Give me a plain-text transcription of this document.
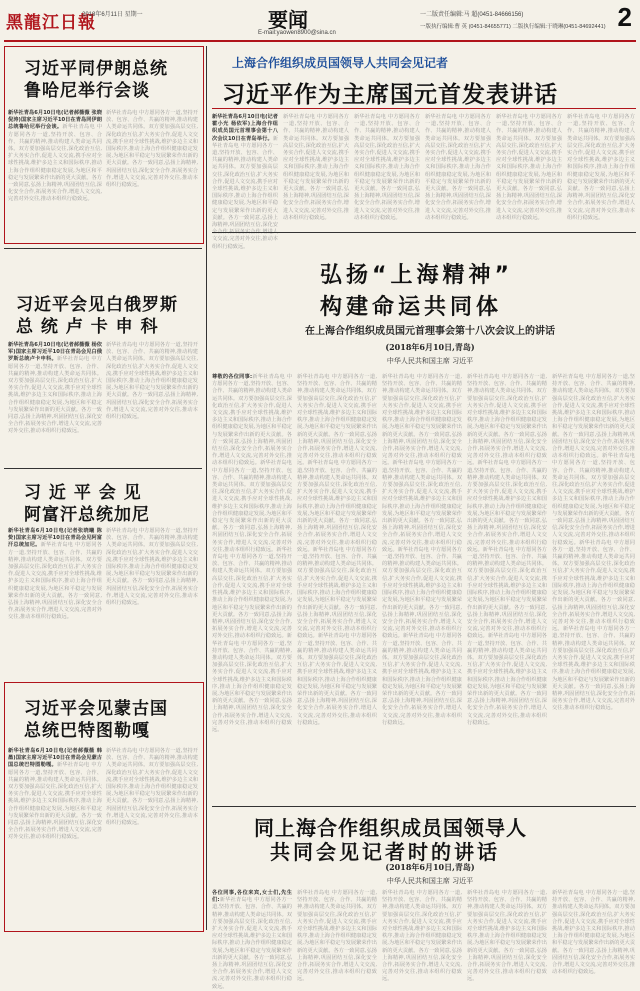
黑龍江日報
2018年6月11日 星期一	要闻
E-mail:yaowen8900@sina.cn
一二版责任编辑:马 超(0451-84666156)
一版执行编辑:曹 英 (0451-84655771) 二版执行编辑:于晓琳(0451-84692441) 2
习近平同伊朗总统
鲁哈尼举行会谈
新华社青岛6月10日电(记者郝薇薇 张晓 倪涛)国家主席习近平10日在青岛同伊朗总统鲁哈尼举行会谈。新华社青岛电 中方愿同各方一道,坚持开放、包容、合作、共赢的精神,推动构建人类命运共同体。双方要加强高层交往,深化政治互信,扩大务实合作,促进人文交流,携手应对全球性挑战,维护多边主义和国际秩序,推动上海合作组织健康稳定发展,为地区和平稳定与发展繁荣作出新的更大贡献。各方一致同意,弘扬上海精神,巩固团结互信,深化安全合作,拓展务实合作,增进人文交流,完善对外交往,推动本组织行稳致远。
新华社青岛电 中方愿同各方一道,坚持开放、包容、合作、共赢的精神,推动构建人类命运共同体。双方要加强高层交往,深化政治互信,扩大务实合作,促进人文交流,携手应对全球性挑战,维护多边主义和国际秩序,推动上海合作组织健康稳定发展,为地区和平稳定与发展繁荣作出新的更大贡献。各方一致同意,弘扬上海精神,巩固团结互信,深化安全合作,拓展务实合作,增进人文交流,完善对外交往,推动本组织行稳致远。
习近平会见白俄罗斯
总 统 卢 卡 申 科
新华社青岛6月10日电(记者郝薇薇 杨依军)国家主席习近平10日在青岛会见白俄罗斯总统卢卡申科。新华社青岛电 中方愿同各方一道,坚持开放、包容、合作、共赢的精神,推动构建人类命运共同体。双方要加强高层交往,深化政治互信,扩大务实合作,促进人文交流,携手应对全球性挑战,维护多边主义和国际秩序,推动上海合作组织健康稳定发展,为地区和平稳定与发展繁荣作出新的更大贡献。各方一致同意,弘扬上海精神,巩固团结互信,深化安全合作,拓展务实合作,增进人文交流,完善对外交往,推动本组织行稳致远。
新华社青岛电 中方愿同各方一道,坚持开放、包容、合作、共赢的精神,推动构建人类命运共同体。双方要加强高层交往,深化政治互信,扩大务实合作,促进人文交流,携手应对全球性挑战,维护多边主义和国际秩序,推动上海合作组织健康稳定发展,为地区和平稳定与发展繁荣作出新的更大贡献。各方一致同意,弘扬上海精神,巩固团结互信,深化安全合作,拓展务实合作,增进人文交流,完善对外交往,推动本组织行稳致远。
习 近 平 会 见
阿富汗总统加尼
新华社青岛6月10日电(记者张晓曦 陈贽)国家主席习近平10日在青岛会见阿富汗总统加尼。新华社青岛电 中方愿同各方一道,坚持开放、包容、合作、共赢的精神,推动构建人类命运共同体。双方要加强高层交往,深化政治互信,扩大务实合作,促进人文交流,携手应对全球性挑战,维护多边主义和国际秩序,推动上海合作组织健康稳定发展,为地区和平稳定与发展繁荣作出新的更大贡献。各方一致同意,弘扬上海精神,巩固团结互信,深化安全合作,拓展务实合作,增进人文交流,完善对外交往,推动本组织行稳致远。
新华社青岛电 中方愿同各方一道,坚持开放、包容、合作、共赢的精神,推动构建人类命运共同体。双方要加强高层交往,深化政治互信,扩大务实合作,促进人文交流,携手应对全球性挑战,维护多边主义和国际秩序,推动上海合作组织健康稳定发展,为地区和平稳定与发展繁荣作出新的更大贡献。各方一致同意,弘扬上海精神,巩固团结互信,深化安全合作,拓展务实合作,增进人文交流,完善对外交往,推动本组织行稳致远。
习近平会见蒙古国
总统巴特图勒嘎
新华社青岛6月10日电(记者郝薇薇 韩墨)国家主席习近平10日在青岛会见蒙古国总统巴特图勒嘎。新华社青岛电 中方愿同各方一道,坚持开放、包容、合作、共赢的精神,推动构建人类命运共同体。双方要加强高层交往,深化政治互信,扩大务实合作,促进人文交流,携手应对全球性挑战,维护多边主义和国际秩序,推动上海合作组织健康稳定发展,为地区和平稳定与发展繁荣作出新的更大贡献。各方一致同意,弘扬上海精神,巩固团结互信,深化安全合作,拓展务实合作,增进人文交流,完善对外交往,推动本组织行稳致远。
新华社青岛电 中方愿同各方一道,坚持开放、包容、合作、共赢的精神,推动构建人类命运共同体。双方要加强高层交往,深化政治互信,扩大务实合作,促进人文交流,携手应对全球性挑战,维护多边主义和国际秩序,推动上海合作组织健康稳定发展,为地区和平稳定与发展繁荣作出新的更大贡献。各方一致同意,弘扬上海精神,巩固团结互信,深化安全合作,拓展务实合作,增进人文交流,完善对外交往,推动本组织行稳致远。
上海合作组织成员国领导人共同会见记者
习近平作为主席国元首发表讲话
新华社青岛6月10日电(记者霍小光 杨依军)上海合作组织成员国元首理事会第十八次会议10日在青岛举行。新华社青岛电 中方愿同各方一道,坚持开放、包容、合作、共赢的精神,推动构建人类命运共同体。双方要加强高层交往,深化政治互信,扩大务实合作,促进人文交流,携手应对全球性挑战,维护多边主义和国际秩序,推动上海合作组织健康稳定发展,为地区和平稳定与发展繁荣作出新的更大贡献。各方一致同意,弘扬上海精神,巩固团结互信,深化安 文交流,完善对外交往,推动本组织行稳致远。
新华社青岛电 中方愿同各方一道,坚持开放、包容、合作、共赢的精神,推动构建人类命运共同体。双方要加强高层交往,深化政治互信,扩大务实合作,促进人文交流,携手应对全球性挑战,维护多边主义和国际秩序,推动上海合作组织健康稳定发展,为地区和平稳定与发展繁荣作出新的更大贡献。各方一致同意,弘扬上海精神,巩固团结互信,深化安全合作,拓展务实合作,增进人文交流,完善对外交往,推动本组织行稳致远。
新华社青岛电 中方愿同各方一道,坚持开放、包容、合作、共赢的精神,推动构建人类命运共同体。双方要加强高层交往,深化政治互信,扩大务实合作,促进人文交流,携手应对全球性挑战,维护多边主义和国际秩序,推动上海合作组织健康稳定发展,为地区和平稳定与发展繁荣作出新的更大贡献。各方一致同意,弘扬上海精神,巩固团结互信,深化安全合作,拓展务实合作,增进人文交流,完善对外交往,推动本组织行稳致远。
新华社青岛电 中方愿同各方一道,坚持开放、包容、合作、共赢的精神,推动构建人类命运共同体。双方要加强高层交往,深化政治互信,扩大务实合作,促进人文交流,携手应对全球性挑战,维护多边主义和国际秩序,推动上海合作组织健康稳定发展,为地区和平稳定与发展繁荣作出新的更大贡献。各方一致同意,弘扬上海精神,巩固团结互信,深化安全合作,拓展务实合作,增进人文交流,完善对外交往,推动本组织行稳致远。
新华社青岛电 中方愿同各方一道,坚持开放、包容、合作、共赢的精神,推动构建人类命运共同体。双方要加强高层交往,深化政治互信,扩大务实合作,促进人文交流,携手应对全球性挑战,维护多边主义和国际秩序,推动上海合作组织健康稳定发展,为地区和平稳定与发展繁荣作出新的更大贡献。各方一致同意,弘扬上海精神,巩固团结互信,深化安全合作,拓展务实合作,增进人文交流,完善对外交往,推动本组织行稳致远。
新华社青岛电 中方愿同各方一道,坚持开放、包容、合作、共赢的精神,推动构建人类命运共同体。双方要加强高层交往,深化政治互信,扩大务实合作,促进人文交流,携手应对全球性挑战,维护多边主义和国际秩序,推动上海合作组织健康稳定发展,为地区和平稳定与发展繁荣作出新的更大贡献。各方一致同意,弘扬上海精神,巩固团结互信,深化安全合作,拓展务实合作,增进人文交流,完善对外交往,推动本组织行稳致远。
弘扬“上海精神”
构建命运共同体
在上海合作组织成员国元首理事会第十八次会议上的讲话
(2018年6月10日,青岛)
中华人民共和国主席 习近平
尊敬的各位同事:新华社青岛电 中方愿同各方一道,坚持开放、包容、合作、共赢的精神,推动构建人类命运共同体。双方要加强高层交往,深化政治互信,扩大务实合作,促进人文交流,携手应对全球性挑战,维护多边主义和国际秩序,推动上海合作组织健康稳定发展,为地区和平稳定与发展繁荣作出新的更大贡献。各方一致同意,弘扬上海精神,巩固团结互信,深化安全合作,拓展务实合作,增进人文交流,完善对外交往,推动本组织行稳致远。新华社青岛电 中方愿同各方一道,坚持开放、包容、合作、共赢的精神,推动构建人类命运共同体。双方要加强高层交往,深化政治互信,扩大务实合作,促进人文交流,携手应对全球性挑战,维护多边主义和国际秩序,推动上海合作组织健康稳定发展,为地区和平稳定与发展繁荣作出新的更大贡献。各方一致同意,弘扬上海精神,巩固团结互信,深化安全合作,拓展务实合作,增进人文交流,完善对外交往,推动本组织行稳致远。新华社青岛电 中方愿同各方一道,坚持开放、包容、合作、共赢的精神,推动构建人类命运共同体。双方要加强高层交往,深化政治互信,扩大务实合作,促进人文交流,携手应对全球性挑战,维护多边主义和国际秩序,推动上海合作组织健康稳定发展,为地区和平稳定与发展繁荣作出新的更大贡献。各方一致同意,弘扬上海精神,巩固团结互信,深化安全合作,拓展务实合作,增进人文交流,完善对外交往,推动本组织行稳致远。新华社青岛电 中方愿同各方一道,坚持开放、包容、合作、共赢的精神,推动构建人类命运共同体。双方要加强高层交往,深化政治互信,扩大务实合作,促进人文交流,携手应对全球性挑战,维护多边主义和国际秩序,推动上海合作组织健康稳定发展,为地区和平稳定与发展繁荣作出新的更大贡献。各方一致同意,弘扬上海精神,巩固团结互信,深化安全合作,拓展务实合作,增进人文交流,完善对外交往,推动本组织行稳致远。
新华社青岛电 中方愿同各方一道,坚持开放、包容、合作、共赢的精神,推动构建人类命运共同体。双方要加强高层交往,深化政治互信,扩大务实合作,促进人文交流,携手应对全球性挑战,维护多边主义和国际秩序,推动上海合作组织健康稳定发展,为地区和平稳定与发展繁荣作出新的更大贡献。各方一致同意,弘扬上海精神,巩固团结互信,深化安全合作,拓展务实合作,增进人文交流,完善对外交往,推动本组织行稳致远。新华社青岛电 中方愿同各方一道,坚持开放、包容、合作、共赢的精神,推动构建人类命运共同体。双方要加强高层交往,深化政治互信,扩大务实合作,促进人文交流,携手应对全球性挑战,维护多边主义和国际秩序,推动上海合作组织健康稳定发展,为地区和平稳定与发展繁荣作出新的更大贡献。各方一致同意,弘扬上海精神,巩固团结互信,深化安全合作,拓展务实合作,增进人文交流,完善对外交往,推动本组织行稳致远。新华社青岛电 中方愿同各方一道,坚持开放、包容、合作、共赢的精神,推动构建人类命运共同体。双方要加强高层交往,深化政治互信,扩大务实合作,促进人文交流,携手应对全球性挑战,维护多边主义和国际秩序,推动上海合作组织健康稳定发展,为地区和平稳定与发展繁荣作出新的更大贡献。各方一致同意,弘扬上海精神,巩固团结互信,深化安全合作,拓展务实合作,增进人文交流,完善对外交往,推动本组织行稳致远。新华社青岛电 中方愿同各方一道,坚持开放、包容、合作、共赢的精神,推动构建人类命运共同体。双方要加强高层交往,深化政治互信,扩大务实合作,促进人文交流,携手应对全球性挑战,维护多边主义和国际秩序,推动上海合作组织健康稳定发展,为地区和平稳定与发展繁荣作出新的更大贡献。各方一致同意,弘扬上海精神,巩固团结互信,深化安全合作,拓展务实合作,增进人文交流,完善对外交往,推动本组织行稳致远。
新华社青岛电 中方愿同各方一道,坚持开放、包容、合作、共赢的精神,推动构建人类命运共同体。双方要加强高层交往,深化政治互信,扩大务实合作,促进人文交流,携手应对全球性挑战,维护多边主义和国际秩序,推动上海合作组织健康稳定发展,为地区和平稳定与发展繁荣作出新的更大贡献。各方一致同意,弘扬上海精神,巩固团结互信,深化安全合作,拓展务实合作,增进人文交流,完善对外交往,推动本组织行稳致远。新华社青岛电 中方愿同各方一道,坚持开放、包容、合作、共赢的精神,推动构建人类命运共同体。双方要加强高层交往,深化政治互信,扩大务实合作,促进人文交流,携手应对全球性挑战,维护多边主义和国际秩序,推动上海合作组织健康稳定发展,为地区和平稳定与发展繁荣作出新的更大贡献。各方一致同意,弘扬上海精神,巩固团结互信,深化安全合作,拓展务实合作,增进人文交流,完善对外交往,推动本组织行稳致远。新华社青岛电 中方愿同各方一道,坚持开放、包容、合作、共赢的精神,推动构建人类命运共同体。双方要加强高层交往,深化政治互信,扩大务实合作,促进人文交流,携手应对全球性挑战,维护多边主义和国际秩序,推动上海合作组织健康稳定发展,为地区和平稳定与发展繁荣作出新的更大贡献。各方一致同意,弘扬上海精神,巩固团结互信,深化安全合作,拓展务实合作,增进人文交流,完善对外交往,推动本组织行稳致远。新华社青岛电 中方愿同各方一道,坚持开放、包容、合作、共赢的精神,推动构建人类命运共同体。双方要加强高层交往,深化政治互信,扩大务实合作,促进人文交流,携手应对全球性挑战,维护多边主义和国际秩序,推动上海合作组织健康稳定发展,为地区和平稳定与发展繁荣作出新的更大贡献。各方一致同意,弘扬上海精神,巩固团结互信,深化安全合作,拓展务实合作,增进人文交流,完善对外交往,推动本组织行稳致远。
新华社青岛电 中方愿同各方一道,坚持开放、包容、合作、共赢的精神,推动构建人类命运共同体。双方要加强高层交往,深化政治互信,扩大务实合作,促进人文交流,携手应对全球性挑战,维护多边主义和国际秩序,推动上海合作组织健康稳定发展,为地区和平稳定与发展繁荣作出新的更大贡献。各方一致同意,弘扬上海精神,巩固团结互信,深化安全合作,拓展务实合作,增进人文交流,完善对外交往,推动本组织行稳致远。新华社青岛电 中方愿同各方一道,坚持开放、包容、合作、共赢的精神,推动构建人类命运共同体。双方要加强高层交往,深化政治互信,扩大务实合作,促进人文交流,携手应对全球性挑战,维护多边主义和国际秩序,推动上海合作组织健康稳定发展,为地区和平稳定与发展繁荣作出新的更大贡献。各方一致同意,弘扬上海精神,巩固团结互信,深化安全合作,拓展务实合作,增进人文交流,完善对外交往,推动本组织行稳致远。新华社青岛电 中方愿同各方一道,坚持开放、包容、合作、共赢的精神,推动构建人类命运共同体。双方要加强高层交往,深化政治互信,扩大务实合作,促进人文交流,携手应对全球性挑战,维护多边主义和国际秩序,推动上海合作组织健康稳定发展,为地区和平稳定与发展繁荣作出新的更大贡献。各方一致同意,弘扬上海精神,巩固团结互信,深化安全合作,拓展务实合作,增进人文交流,完善对外交往,推动本组织行稳致远。新华社青岛电 中方愿同各方一道,坚持开放、包容、合作、共赢的精神,推动构建人类命运共同体。双方要加强高层交往,深化政治互信,扩大务实合作,促进人文交流,携手应对全球性挑战,维护多边主义和国际秩序,推动上海合作组织健康稳定发展,为地区和平稳定与发展繁荣作出新的更大贡献。各方一致同意,弘扬上海精神,巩固团结互信,深化安全合作,拓展务实合作,增进人文交流,完善对外交往,推动本组织行稳致远。
新华社青岛电 中方愿同各方一道,坚持开放、包容、合作、共赢的精神,推动构建人类命运共同体。双方要加强高层交往,深化政治互信,扩大务实合作,促进人文交流,携手应对全球性挑战,维护多边主义和国际秩序,推动上海合作组织健康稳定发展,为地区和平稳定与发展繁荣作出新的更大贡献。各方一致同意,弘扬上海精神,巩固团结互信,深化安全合作,拓展务实合作,增进人文交流,完善对外交往,推动本组织行稳致远。新华社青岛电 中方愿同各方一道,坚持开放、包容、合作、共赢的精神,推动构建人类命运共同体。双方要加强高层交往,深化政治互信,扩大务实合作,促进人文交流,携手应对全球性挑战,维护多边主义和国际秩序,推动上海合作组织健康稳定发展,为地区和平稳定与发展繁荣作出新的更大贡献。各方一致同意,弘扬上海精神,巩固团结互信,深化安全合作,拓展务实合作,增进人文交流,完善对外交往,推动本组织行稳致远。新华社青岛电 中方愿同各方一道,坚持开放、包容、合作、共赢的精神,推动构建人类命运共同体。双方要加强高层交往,深化政治互信,扩大务实合作,促进人文交流,携手应对全球性挑战,维护多边主义和国际秩序,推动上海合作组织健康稳定发展,为地区和平稳定与发展繁荣作出新的更大贡献。各方一致同意,弘扬上海精神,巩固团结互信,深化安全合作,拓展务实合作,增进人文交流,完善对外交往,推动本组织行稳致远。新华社青岛电 中方愿同各方一道,坚持开放、包容、合作、共赢的精神,推动构建人类命运共同体。双方要加强高层交往,深化政治互信,扩大务实合作,促进人文交流,携手应对全球性挑战,维护多边主义和国际秩序,推动上海合作组织健康稳定发展,为地区和平稳定与发展繁荣作出新的更大贡献。各方一致同意,弘扬上海精神,巩固团结互信,深化安全合作,拓展务实合作,增进人文交流,完善对外交往,推动本组织行稳致远。
同上海合作组织成员国领导人
共同会见记者时的讲话
(2018年6月10日,青岛)
中华人民共和国主席 习近平
各位同事,各位来宾,女士们,先生们:新华社青岛电 中方愿同各方一道,坚持开放、包容、合作、共赢的精神,推动构建人类命运共同体。双方要加强高层交往,深化政治互信,扩大务实合作,促进人文交流,携手应对全球性挑战,维护多边主义和国际秩序,推动上海合作组织健康稳定发展,为地区和平稳定与发展繁荣作出新的更大贡献。各方一致同意,弘扬上海精神,巩固团结互信,深化安全合作,拓展务实合作,增进人文交流,完善对外交往,推动本组织行稳致远。
新华社青岛电 中方愿同各方一道,坚持开放、包容、合作、共赢的精神,推动构建人类命运共同体。双方要加强高层交往,深化政治互信,扩大务实合作,促进人文交流,携手应对全球性挑战,维护多边主义和国际秩序,推动上海合作组织健康稳定发展,为地区和平稳定与发展繁荣作出新的更大贡献。各方一致同意,弘扬上海精神,巩固团结互信,深化安全合作,拓展务实合作,增进人文交流,完善对外交往,推动本组织行稳致远。
新华社青岛电 中方愿同各方一道,坚持开放、包容、合作、共赢的精神,推动构建人类命运共同体。双方要加强高层交往,深化政治互信,扩大务实合作,促进人文交流,携手应对全球性挑战,维护多边主义和国际秩序,推动上海合作组织健康稳定发展,为地区和平稳定与发展繁荣作出新的更大贡献。各方一致同意,弘扬上海精神,巩固团结互信,深化安全合作,拓展务实合作,增进人文交流,完善对外交往,推动本组织行稳致远。
新华社青岛电 中方愿同各方一道,坚持开放、包容、合作、共赢的精神,推动构建人类命运共同体。双方要加强高层交往,深化政治互信,扩大务实合作,促进人文交流,携手应对全球性挑战,维护多边主义和国际秩序,推动上海合作组织健康稳定发展,为地区和平稳定与发展繁荣作出新的更大贡献。各方一致同意,弘扬上海精神,巩固团结互信,深化安全合作,拓展务实合作,增进人文交流,完善对外交往,推动本组织行稳致远。
新华社青岛电 中方愿同各方一道,坚持开放、包容、合作、共赢的精神,推动构建人类命运共同体。双方要加强高层交往,深化政治互信,扩大务实合作,促进人文交流,携手应对全球性挑战,维护多边主义和国际秩序,推动上海合作组织健康稳定发展,为地区和平稳定与发展繁荣作出新的更大贡献。各方一致同意,弘扬上海精神,巩固团结互信,深化安全合作,拓展务实合作,增进人文交流,完善对外交往,推动本组织行稳致远。
